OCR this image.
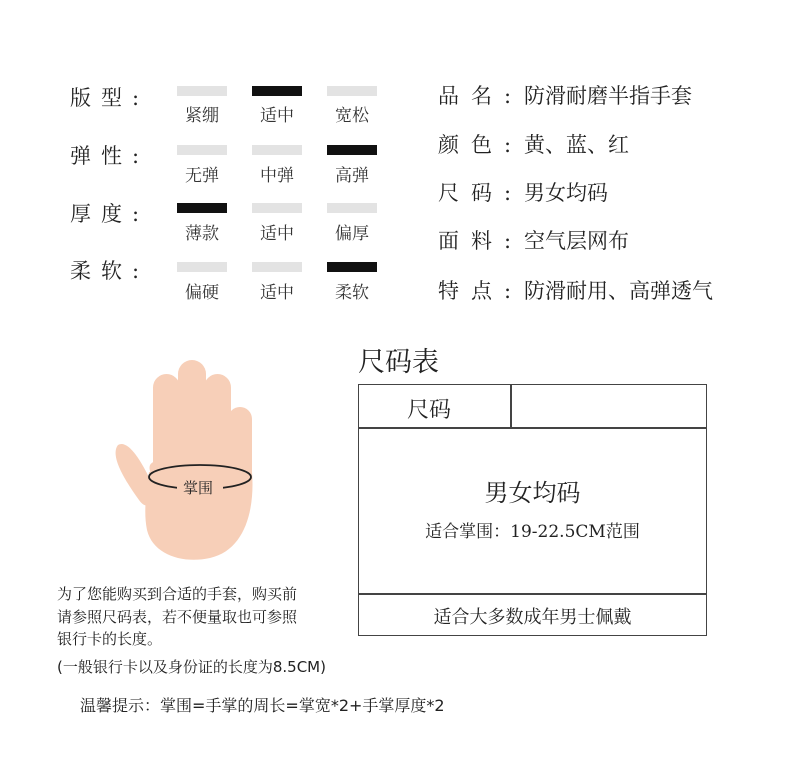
版型:
紧绷	适中	宽松
弹性:
无弹	中弹	高弹
厚度:
薄款	适中	偏厚
柔软:
偏硬	适中	柔软
品名: 防滑耐磨半指手套
颜色: 黄、蓝、红
尺码: 男女均码
面料: 空气层网布
特点: 防滑耐用、高弹透气
掌围
尺码表
尺码
男女均码
适合掌围：19-22.5CM范围
适合大多数成年男士佩戴
为了您能购买到合适的手套，购买前
请参照尺码表，若不便量取也可参照
银行卡的长度。
(一般银行卡以及身份证的长度为8.5CM)
温馨提示：掌围=手掌的周长=掌宽*2+手掌厚度*2
